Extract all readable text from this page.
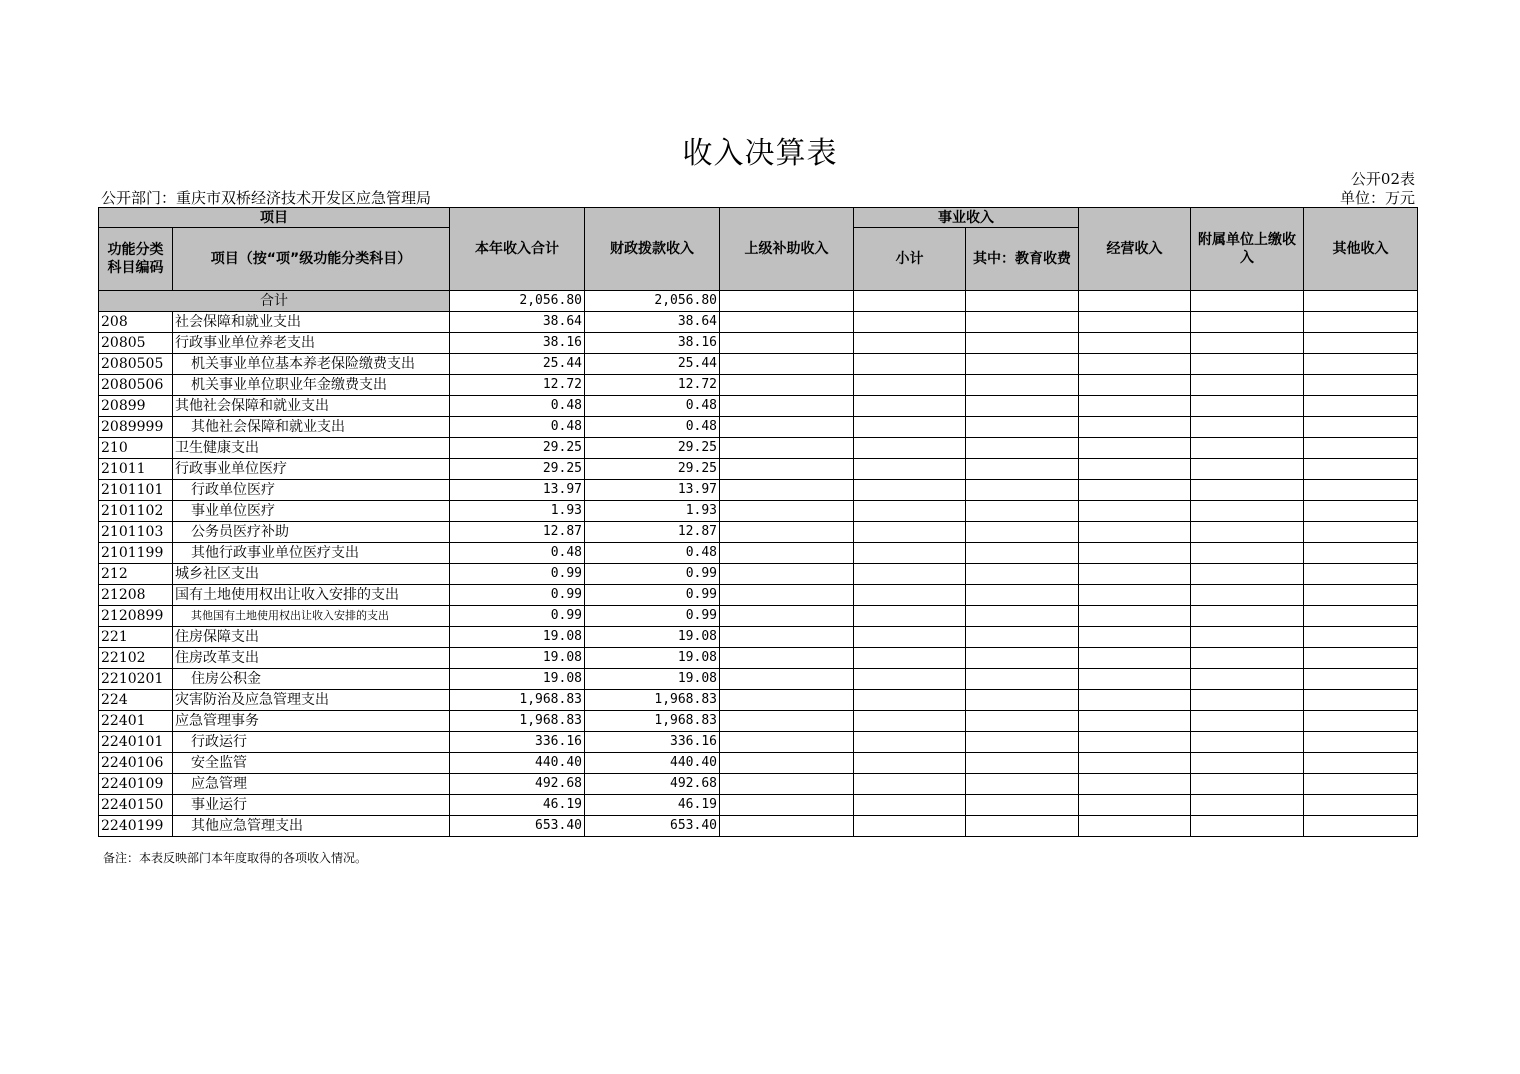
收入决算表
公开02表
公开部门：重庆市双桥经济技术开发区应急管理局	单位：万元
项目		本年收入合计	财政拨款收入	上级补助收入	事业收入		经营收入	附属单位上缴收入	其他收入
功能分类科目编码	项目（按“项”级功能分类科目）				小计	其中：教育收费			
合计		2,056.80	2,056.80						
208	社会保障和就业支出	38.64	38.64						
20805	行政事业单位养老支出	38.16	38.16						
2080505	机关事业单位基本养老保险缴费支出	25.44	25.44						
2080506	机关事业单位职业年金缴费支出	12.72	12.72						
20899	其他社会保障和就业支出	0.48	0.48						
2089999	其他社会保障和就业支出	0.48	0.48						
210	卫生健康支出	29.25	29.25						
21011	行政事业单位医疗	29.25	29.25						
2101101	行政单位医疗	13.97	13.97						
2101102	事业单位医疗	1.93	1.93						
2101103	公务员医疗补助	12.87	12.87						
2101199	其他行政事业单位医疗支出	0.48	0.48						
212	城乡社区支出	0.99	0.99						
21208	国有土地使用权出让收入安排的支出	0.99	0.99						
2120899	其他国有土地使用权出让收入安排的支出	0.99	0.99						
221	住房保障支出	19.08	19.08						
22102	住房改革支出	19.08	19.08						
2210201	住房公积金	19.08	19.08						
224	灾害防治及应急管理支出	1,968.83	1,968.83						
22401	应急管理事务	1,968.83	1,968.83						
2240101	行政运行	336.16	336.16						
2240106	安全监管	440.40	440.40						
2240109	应急管理	492.68	492.68						
2240150	事业运行	46.19	46.19						
2240199	其他应急管理支出	653.40	653.40						
备注：本表反映部门本年度取得的各项收入情况。
